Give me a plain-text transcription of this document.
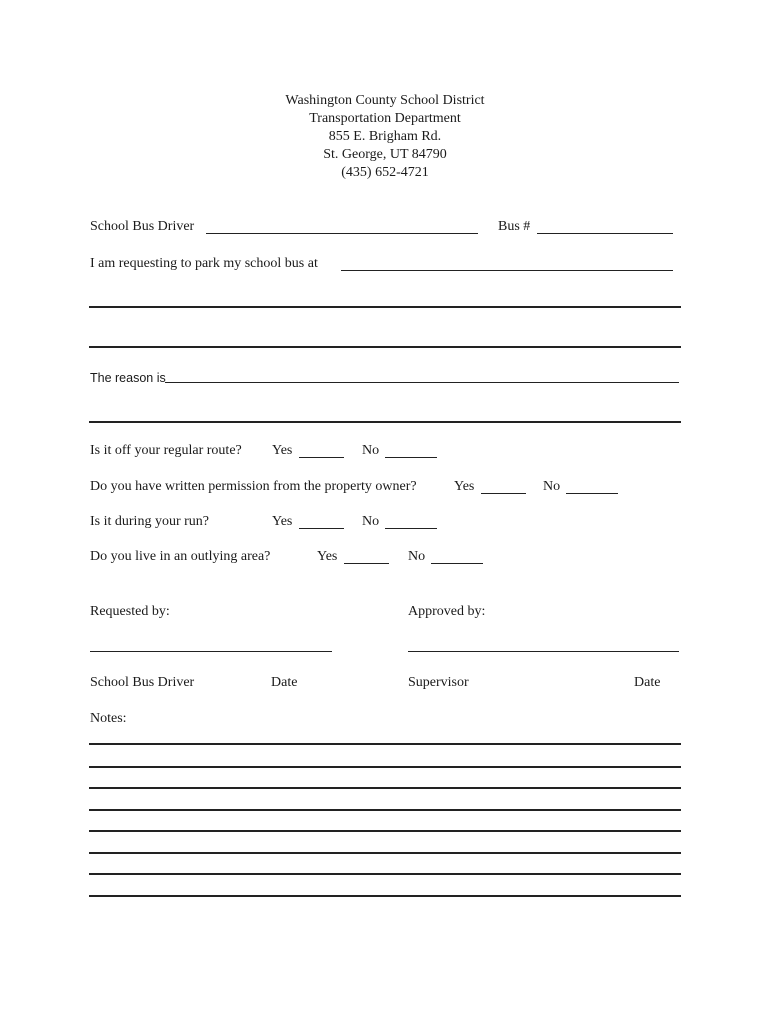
Washington County School District
Transportation Department
855 E. Brigham Rd.
St. George, UT 84790
(435) 652-4721
School Bus Driver	Bus #
I am requesting to park my school bus at
The reason is
Is it off your regular route? Yes	No
Do you have written permission from the property owner?	Yes	No
Is it during your run?	Yes	No
Do you live in an outlying area?	Yes	No
Requested by:	Approved by:
School Bus Driver	Date	Supervisor	Date
Notes:
